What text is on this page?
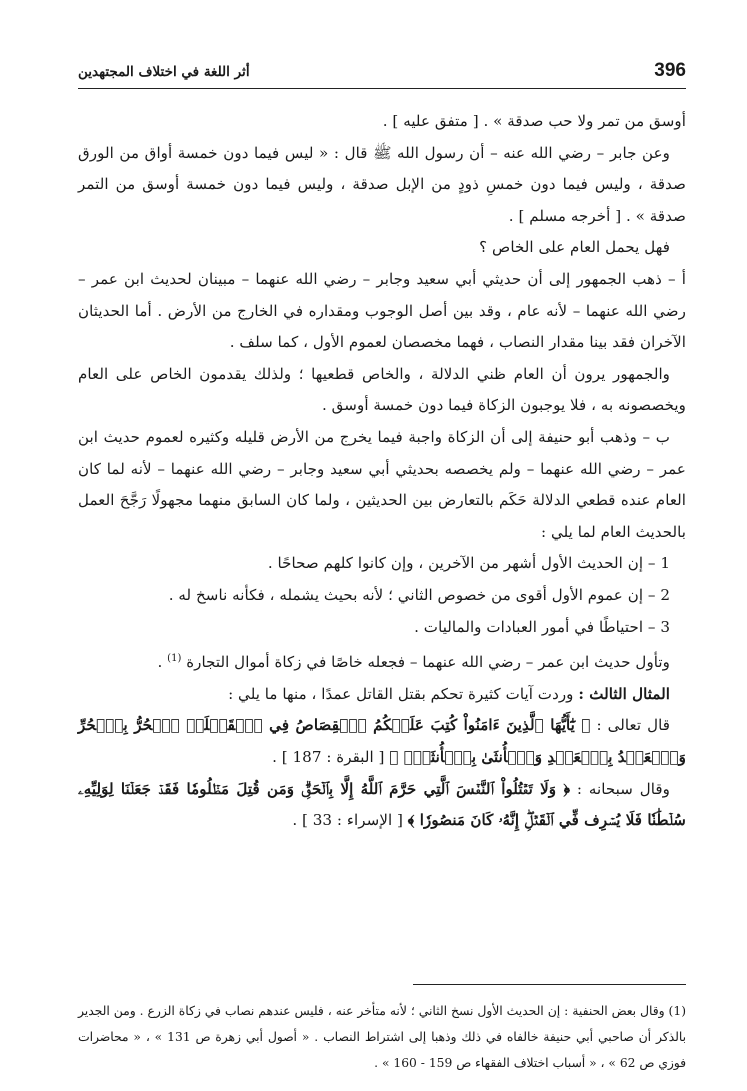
396
أثر اللغة في اختلاف المجتهدين

أوسق من تمر ولا حب صدقة » . [ متفق عليه ] .

وعن جابر – رضي الله عنه – أن رسول الله ﷺ قال : « ليس فيما دون خمسة أواق من الورق صدقة ، وليس فيما دون خمسِ ذودٍ من الإبل صدقة ، وليس فيما دون خمسة أوسق من التمر صدقة » . [ أخرجه مسلم ] .

فهل يحمل العام على الخاص ؟

أ – ذهب الجمهور إلى أن حديثي أبي سعيد وجابر – رضي الله عنهما – مبينان لحديث ابن عمر – رضي الله عنهما – لأنه عام ، وقد بين أصل الوجوب ومقداره في الخارج من الأرض . أما الحديثان الآخران فقد بينا مقدار النصاب ، فهما مخصصان لعموم الأول ، كما سلف .

والجمهور يرون أن العام ظني الدلالة ، والخاص قطعيها ؛ ولذلك يقدمون الخاص على العام ويخصصونه به ، فلا يوجبون الزكاة فيما دون خمسة أوسق .

ب – وذهب أبو حنيفة إلى أن الزكاة واجبة فيما يخرج من الأرض قليله وكثيره لعموم حديث ابن عمر – رضي الله عنهما – ولم يخصصه بحديثي أبي سعيد وجابر – رضي الله عنهما – لأنه لما كان العام عنده قطعي الدلالة حَكَم بالتعارض بين الحديثين ، ولما كان السابق منهما مجهولًا رَجَّحَ العمل بالحديث العام لما يلي :

1 – إن الحديث الأول أشهر من الآخرين ، وإن كانوا كلهم صحاحًا .

2 – إن عموم الأول أقوى من خصوص الثاني ؛ لأنه بحيث يشمله ، فكأنه ناسخ له .

3 – احتياطًا في أمور العبادات والماليات .

وتأول حديث ابن عمر – رضي الله عنهما – فجعله خاصًا في زكاة أموال التجارة $^{(1)}$ .

المثال الثالث : وردت آيات كثيرة تحكم بقتل القاتل عمدًا ، منها ما يلي :

قال تعالى : ﴿ يَٰٓأَيُّهَا ٱلَّذِينَ ءَامَنُواْ كُتِبَ عَلَيۡكُمُ ٱلۡقِصَاصُ فِي ٱلۡقَتۡلَىۖ ٱلۡحُرُّ بِٱلۡحُرِّ وَٱلۡعَبۡدُ بِٱلۡعَبۡدِ وَٱلۡأُنثَىٰ بِٱلۡأُنثَىٰۚ ﴾ [ البقرة : 187 ] .

وقال سبحانه : ﴿ وَلَا تَقۡتُلُواْ ٱلنَّفۡسَ ٱلَّتِي حَرَّمَ ٱللَّهُ إِلَّا بِٱلۡحَقِّۗ وَمَن قُتِلَ مَظۡلُومٗا فَقَدۡ جَعَلۡنَا لِوَلِيِّهِۦ سُلۡطَٰنٗا فَلَا يُسۡرِف فِّي ٱلۡقَتۡلِۖ إِنَّهُۥ كَانَ مَنصُورٗا ﴾ [ الإسراء : 33 ] .

(1) وقال بعض الحنفية : إن الحديث الأول نسخ الثاني ؛ لأنه متأخر عنه ، فليس عندهم نصاب في زكاة الزرع . ومن الجدير بالذكر أن صاحبي أبي حنيفة خالفاه في ذلك وذهبا إلى اشتراط النصاب . « أصول أبي زهرة ص 131 » ، « محاضرات فوزي ص 62 » ، « أسباب اختلاف الفقهاء ص 159 - 160 » .
